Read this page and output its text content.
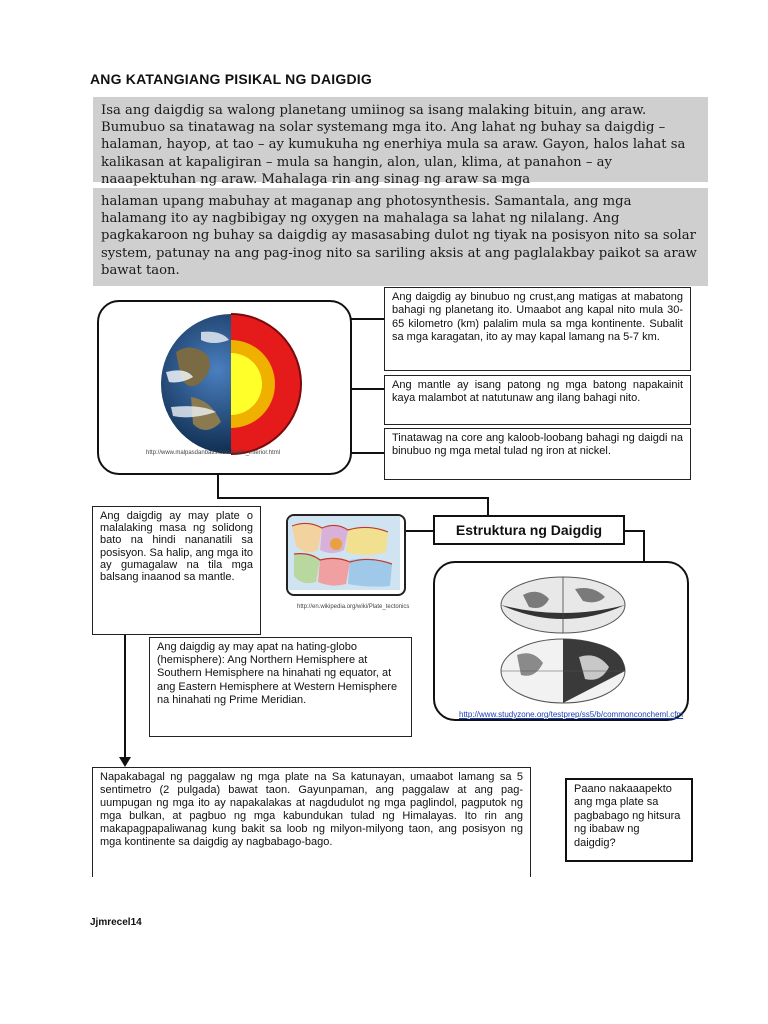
ANG KATANGIANG PISIKAL NG DAIGDIG
Isa ang daigdig sa walong planetang umiinog sa isang malaking bituin, ang araw. Bumubuo sa tinatawag na solar systemang mga ito. Ang lahat ng buhay sa daigdig – halaman, hayop, at tao – ay kumukuha ng enerhiya mula sa araw. Gayon, halos lahat sa kalikasan at kapaligiran – mula sa hangin, alon, ulan, klima, at panahon – ay naaapektuhan ng araw. Mahalaga rin ang sinag ng araw sa mga
halaman upang mabuhay at maganap ang photosynthesis. Samantala, ang mga halamang ito ay nagbibigay ng oxygen na mahalaga sa lahat ng nilalang. Ang pagkakaroon ng buhay sa daigdig ay masasabing dulot ng tiyak na posisyon nito sa solar system, patunay na ang pag-inog nito sa sariling aksis at ang paglalakbay paikot sa araw bawat taon.
http://www.malpasdanbatis.com/earth_interior.html
Ang daigdig ay binubuo ng crust,ang matigas at mabatong bahagi ng planetang ito. Umaabot ang kapal nito mula 30-65 kilometro (km) palalim mula sa mga kontinente. Subalit sa mga karagatan, ito ay may kapal lamang na 5-7 km.
Ang mantle ay isang patong ng mga batong napakainit kaya malambot at natutunaw ang ilang bahagi nito.
Tinatawag na core ang kaloob-loobang bahagi ng daigdi na binubuo ng mga metal tulad ng iron at nickel.
Ang daigdig ay may plate o malalaking masa ng solidong bato na hindi nananatili sa posisyon. Sa halip, ang mga ito ay gumagalaw na tila mga balsang inaanod sa mantle.
http://en.wikipedia.org/wiki/Plate_tectonics
Estruktura ng Daigdig
http://www.studyzone.org/testprep/ss5/b/commonconcheml.cfm
Ang daigdig ay may apat na hating-globo (hemisphere): Ang Northern Hemisphere at Southern Hemisphere na hinahati ng equator, at ang Eastern Hemisphere at Western Hemisphere na hinahati ng Prime Meridian.
Napakabagal ng paggalaw ng mga plate na Sa katunayan, umaabot lamang sa 5 sentimetro (2 pulgada) bawat taon. Gayunpaman, ang paggalaw at ang pag-uumpugan ng mga ito ay napakalakas at nagdudulot ng mga paglindol, pagputok ng mga bulkan, at pagbuo ng mga kabundukan tulad ng Himalayas. Ito rin ang makapagpapaliwanag kung bakit sa loob ng milyon-milyong taon, ang posisyon ng mga kontinente sa daigdig ay nagbabago-bago.
Paano nakaaapekto ang mga plate sa pagbabago ng hitsura ng ibabaw ng daigdig?
Jjmrecel14
